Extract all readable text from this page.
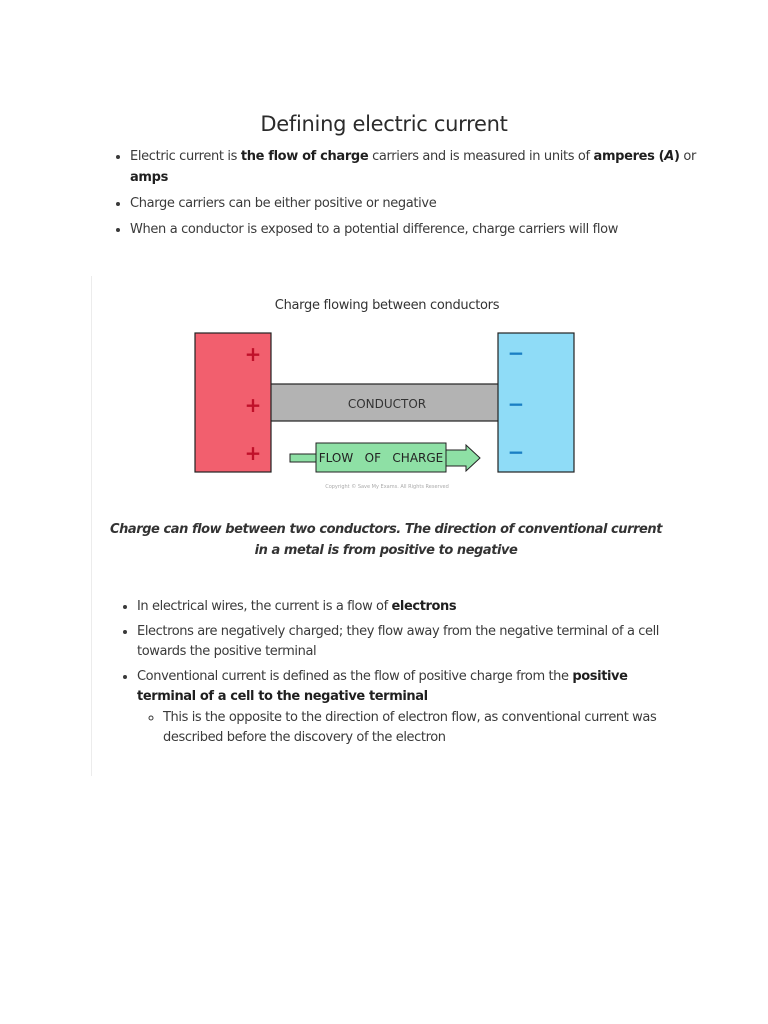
Defining electric current
• Electric current is the flow of charge carriers and is measured in units of amperes (A) or amps
• Charge carriers can be either positive or negative
• When a conductor is exposed to a potential difference, charge carriers will flow
Charge flowing between conductors
CONDUCTOR
+
+
+
−
−
−
FLOW   OF   CHARGE
Copyright © Save My Exams. All Rights Reserved
Charge can flow between two conductors. The direction of conventional current in a metal is from positive to negative
• In electrical wires, the current is a flow of electrons
• Electrons are negatively charged; they flow away from the negative terminal of a cell towards the positive terminal
• Conventional current is defined as the flow of positive charge from the positive terminal of a cell to the negative terminal
◦ This is the opposite to the direction of electron flow, as conventional current was described before the discovery of the electron
